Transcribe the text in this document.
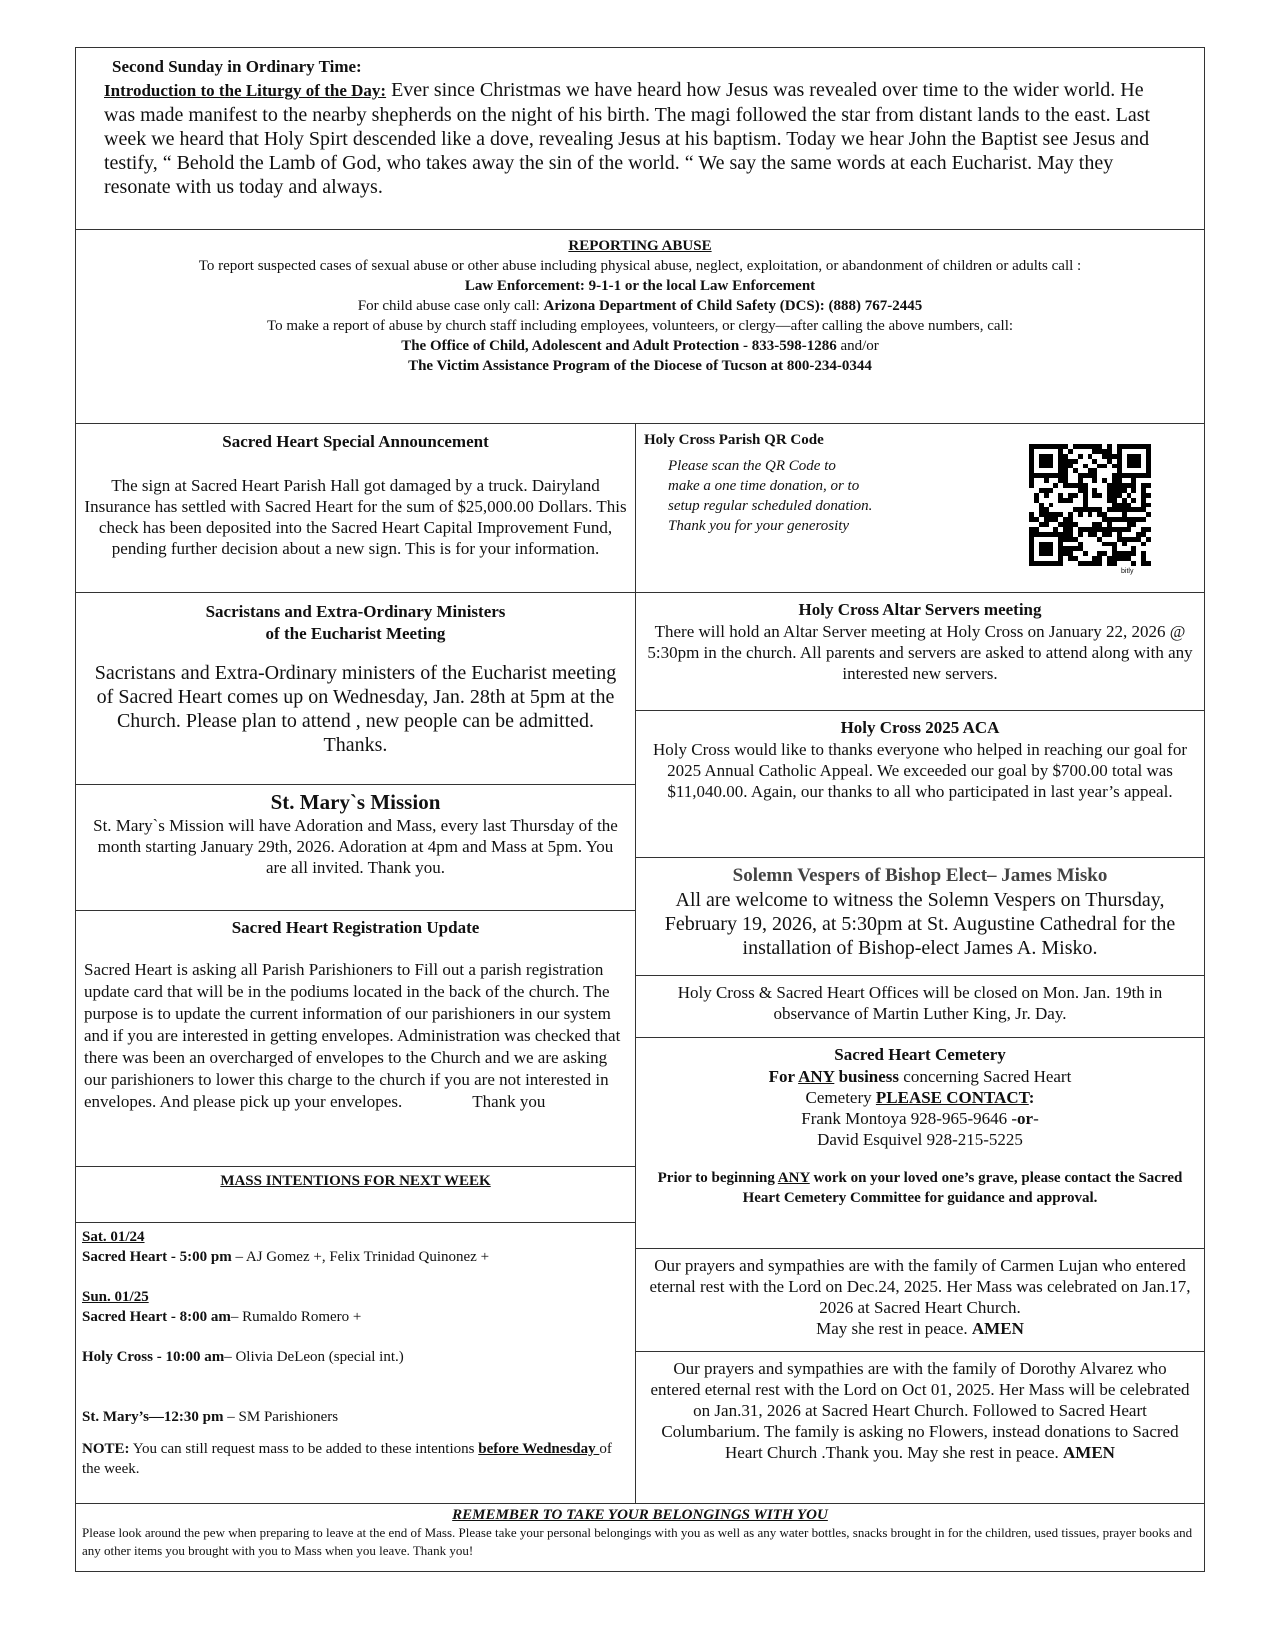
Second Sunday in Ordinary Time:

Introduction to the Liturgy of the Day: Ever since Christmas we have heard how Jesus was revealed over time to the wider world. He was made manifest to the nearby shepherds on the night of his birth. The magi followed the star from distant lands to the east. Last week we heard that Holy Spirt descended like a dove, revealing Jesus at his baptism. Today we hear John the Baptist see Jesus and testify, “ Behold the Lamb of God, who takes away the sin of the world. “ We say the same words at each Eucharist. May they resonate with us today and always.

REPORTING ABUSE
To report suspected cases of sexual abuse or other abuse including physical abuse, neglect, exploitation, or abandonment of children or adults call :
Law Enforcement: 9-1-1 or the local Law Enforcement
For child abuse case only call: Arizona Department of Child Safety (DCS): (888) 767-2445
To make a report of abuse by church staff including employees, volunteers, or clergy—after calling the above numbers, call:
The Office of Child, Adolescent and Adult Protection - 833-598-1286 and/or
The Victim Assistance Program of the Diocese of Tucson at 800-234-0344
Sacred Heart Special Announcement

The sign at Sacred Heart Parish Hall got damaged by a truck. Dairyland Insurance has settled with Sacred Heart for the sum of $25,000.00 Dollars. This check has been deposited into the Sacred Heart Capital Improvement Fund, pending further decision about a new sign. This is for your information.

Sacristans and Extra-Ordinary Ministers
of the Eucharist Meeting

Sacristans and Extra-Ordinary ministers of the Eucharist meeting of Sacred Heart comes up on Wednesday, Jan. 28th at 5pm at the Church. Please plan to attend , new people can be admitted. Thanks.

St. Mary`s Mission

St. Mary`s Mission will have Adoration and Mass, every last Thursday of the month starting January 29th, 2026. Adoration at 4pm and Mass at 5pm. You are all invited. Thank you.

Sacred Heart Registration Update

Sacred Heart is asking all Parish Parishioners to Fill out a parish registration update card that will be in the podiums located in the back of the church. The purpose is to update the current information of our parishioners in our system and if you are interested in getting envelopes. Administration was checked that there was been an overcharged of envelopes to the Church and we are asking our parishioners to lower this charge to the church if you are not interested in envelopes. And please pick up your envelopes.	Thank you

MASS INTENTIONS FOR NEXT WEEK
Sat. 01/24
Sacred Heart - 5:00 pm – AJ Gomez +, Felix Trinidad Quinonez +
Sun. 01/25
Sacred Heart - 8:00 am– Rumaldo Romero +
Holy Cross - 10:00 am– Olivia DeLeon (special int.)
St. Mary’s—12:30 pm – SM Parishioners
NOTE: You can still request mass to be added to these intentions before Wednesday of the week.
Holy Cross Parish QR Code
Please scan the QR Code to
make a one time donation, or to
setup regular scheduled donation.
Thank you for your generosity
bitly
Holy Cross Altar Servers meeting

There will hold an Altar Server meeting at Holy Cross on January 22, 2026 @ 5:30pm in the church. All parents and servers are asked to attend along with any interested new servers.

Holy Cross 2025 ACA

Holy Cross would like to thanks everyone who helped in reaching our goal for 2025 Annual Catholic Appeal. We exceeded our goal by $700.00 total was $11,040.00. Again, our thanks to all who participated in last year’s appeal.

Solemn Vespers of Bishop Elect– James Misko

All are welcome to witness the Solemn Vespers on Thursday, February 19, 2026, at 5:30pm at St. Augustine Cathedral for the installation of Bishop-elect James A. Misko.

Holy Cross & Sacred Heart Offices will be closed on Mon. Jan. 19th in observance of Martin Luther King, Jr. Day.

Sacred Heart Cemetery
For ANY business concerning Sacred Heart
Cemetery PLEASE CONTACT:
Frank Montoya 928-965-9646 -or-
David Esquivel 928-215-5225

Prior to beginning ANY work on your loved one’s grave, please contact the Sacred Heart Cemetery Committee for guidance and approval.

Our prayers and sympathies are with the family of Carmen Lujan who entered eternal rest with the Lord on Dec.24, 2025. Her Mass was celebrated on Jan.17, 2026 at Sacred Heart Church.

May she rest in peace. AMEN

Our prayers and sympathies are with the family of Dorothy Alvarez who entered eternal rest with the Lord on Oct 01, 2025. Her Mass will be celebrated on Jan.31, 2026 at Sacred Heart Church. Followed to Sacred Heart Columbarium. The family is asking no Flowers, instead donations to Sacred Heart Church .Thank you. May she rest in peace. AMEN

REMEMBER TO TAKE YOUR BELONGINGS WITH YOU

Please look around the pew when preparing to leave at the end of Mass. Please take your personal belongings with you as well as any water bottles, snacks brought in for the children, used tissues, prayer books and any other items you brought with you to Mass when you leave. Thank you!
